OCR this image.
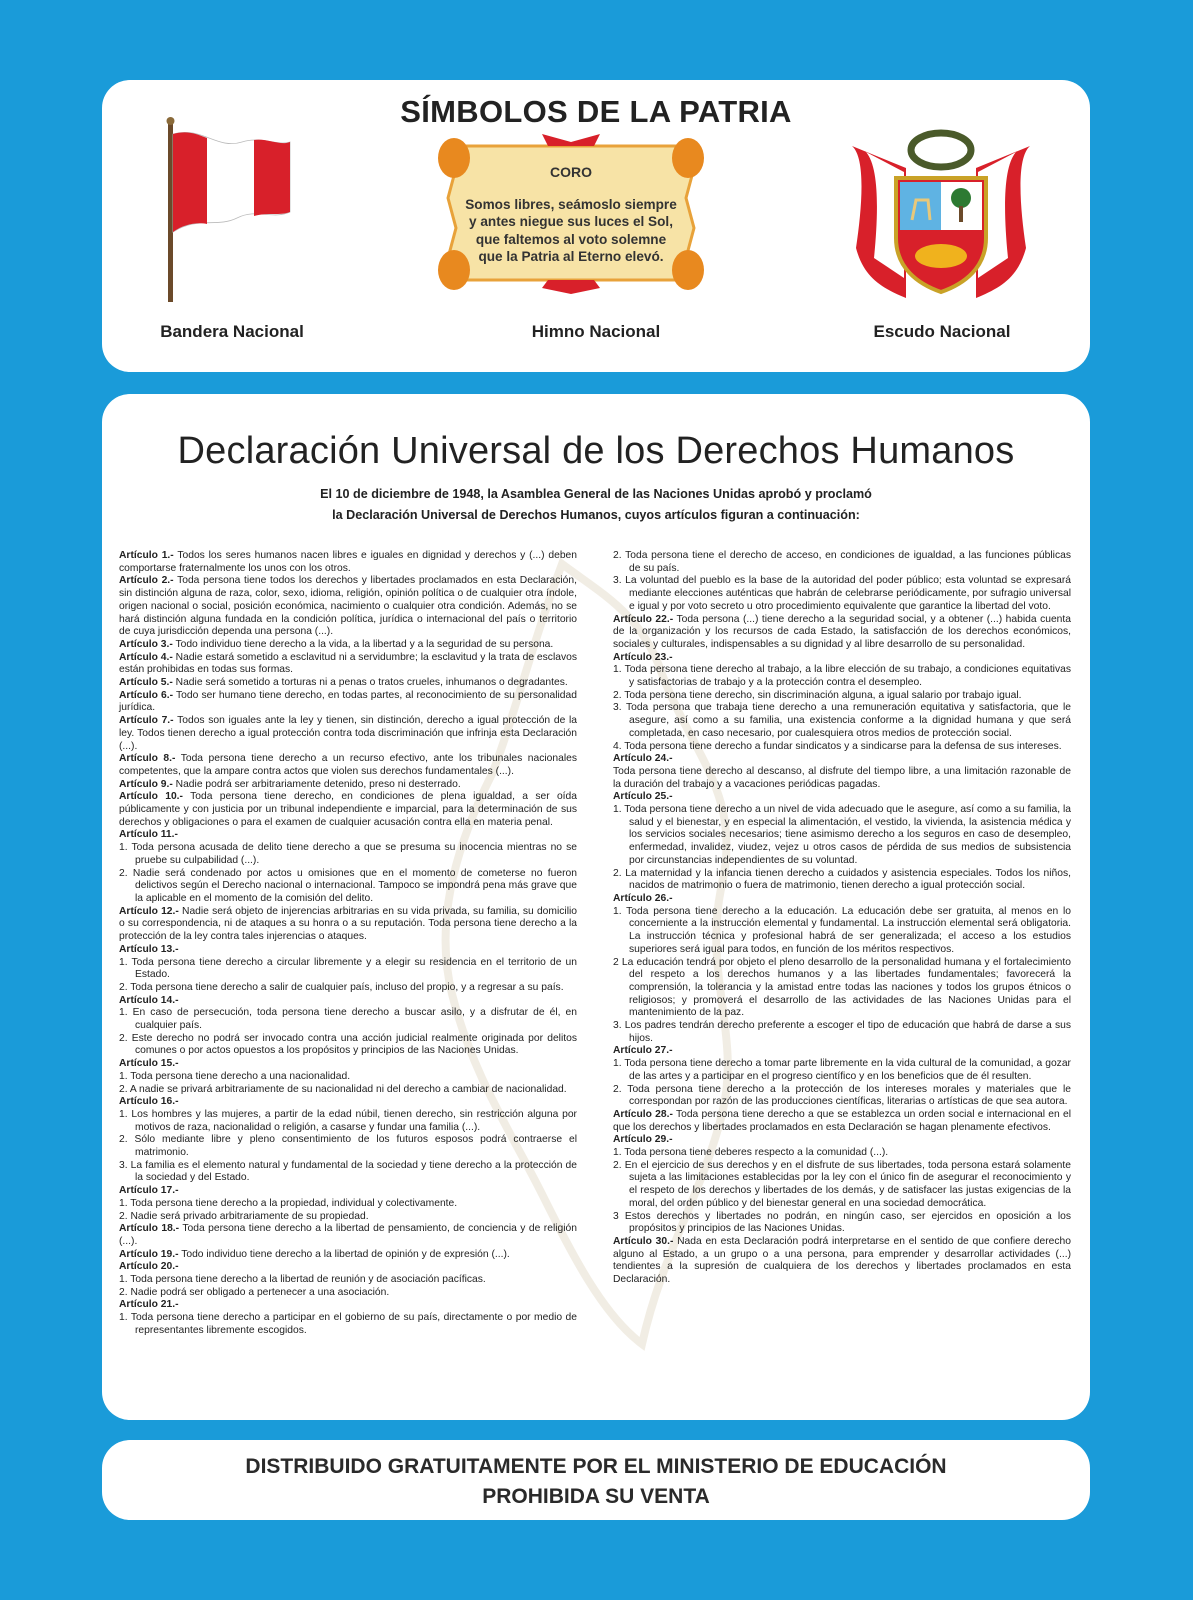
SÍMBOLOS DE LA PATRIA
CORO
Somos libres, seámoslo siempre
y antes niegue sus luces el Sol,
que faltemos al voto solemne
que la Patria al Eterno elevó.
Bandera Nacional	Himno Nacional	Escudo Nacional
Declaración Universal de los Derechos Humanos
El 10 de diciembre de 1948, la Asamblea General de las Naciones Unidas aprobó y proclamó
la Declaración Universal de Derechos Humanos, cuyos artículos figuran a continuación:

Artículo 1.- Todos los seres humanos nacen libres e iguales en dignidad y derechos y (...) deben comportarse fraternalmente los unos con los otros.

Artículo 2.- Toda persona tiene todos los derechos y libertades proclamados en esta Declaración, sin distinción alguna de raza, color, sexo, idioma, religión, opinión política o de cualquier otra índole, origen nacional o social, posición económica, nacimiento o cualquier otra condición. Además, no se hará distinción alguna fundada en la condición política, jurídica o internacional del país o territorio de cuya jurisdicción dependa una persona (...).

Artículo 3.- Todo individuo tiene derecho a la vida, a la libertad y a la seguridad de su persona.

Artículo 4.- Nadie estará sometido a esclavitud ni a servidumbre; la esclavitud y la trata de esclavos están prohibidas en todas sus formas.

Artículo 5.- Nadie será sometido a torturas ni a penas o tratos crueles, inhumanos o degradantes.

Artículo 6.- Todo ser humano tiene derecho, en todas partes, al reconocimiento de su personalidad jurídica.

Artículo 7.- Todos son iguales ante la ley y tienen, sin distinción, derecho a igual protección de la ley. Todos tienen derecho a igual protección contra toda discriminación que infrinja esta Declaración (...).

Artículo 8.- Toda persona tiene derecho a un recurso efectivo, ante los tribunales nacionales competentes, que la ampare contra actos que violen sus derechos fundamentales (...).

Artículo 9.- Nadie podrá ser arbitrariamente detenido, preso ni desterrado.

Artículo 10.- Toda persona tiene derecho, en condiciones de plena igualdad, a ser oída públicamente y con justicia por un tribunal independiente e imparcial, para la determinación de sus derechos y obligaciones o para el examen de cualquier acusación contra ella en materia penal.

Artículo 11.-

1. Toda persona acusada de delito tiene derecho a que se presuma su inocencia mientras no se pruebe su culpabilidad (...).

2. Nadie será condenado por actos u omisiones que en el momento de cometerse no fueron delictivos según el Derecho nacional o internacional. Tampoco se impondrá pena más grave que la aplicable en el momento de la comisión del delito.

Artículo 12.- Nadie será objeto de injerencias arbitrarias en su vida privada, su familia, su domicilio o su correspondencia, ni de ataques a su honra o a su reputación. Toda persona tiene derecho a la protección de la ley contra tales injerencias o ataques.

Artículo 13.-

1. Toda persona tiene derecho a circular libremente y a elegir su residencia en el territorio de un Estado.

2. Toda persona tiene derecho a salir de cualquier país, incluso del propio, y a regresar a su país.

Artículo 14.-

1. En caso de persecución, toda persona tiene derecho a buscar asilo, y a disfrutar de él, en cualquier país.

2. Este derecho no podrá ser invocado contra una acción judicial realmente originada por delitos comunes o por actos opuestos a los propósitos y principios de las Naciones Unidas.

Artículo 15.-

1. Toda persona tiene derecho a una nacionalidad.

2. A nadie se privará arbitrariamente de su nacionalidad ni del derecho a cambiar de nacionalidad.

Artículo 16.-

1. Los hombres y las mujeres, a partir de la edad núbil, tienen derecho, sin restricción alguna por motivos de raza, nacionalidad o religión, a casarse y fundar una familia (...).

2. Sólo mediante libre y pleno consentimiento de los futuros esposos podrá contraerse el matrimonio.

3. La familia es el elemento natural y fundamental de la sociedad y tiene derecho a la protección de la sociedad y del Estado.

Artículo 17.-

1. Toda persona tiene derecho a la propiedad, individual y colectivamente.

2. Nadie será privado arbitrariamente de su propiedad.

Artículo 18.- Toda persona tiene derecho a la libertad de pensamiento, de conciencia y de religión (...).

Artículo 19.- Todo individuo tiene derecho a la libertad de opinión y de expresión (...).

Artículo 20.-

1. Toda persona tiene derecho a la libertad de reunión y de asociación pacíficas.

2. Nadie podrá ser obligado a pertenecer a una asociación.

Artículo 21.-

1. Toda persona tiene derecho a participar en el gobierno de su país, directamente o por medio de representantes libremente escogidos.

2. Toda persona tiene el derecho de acceso, en condiciones de igualdad, a las funciones públicas de su país.

3. La voluntad del pueblo es la base de la autoridad del poder público; esta voluntad se expresará mediante elecciones auténticas que habrán de celebrarse periódicamente, por sufragio universal e igual y por voto secreto u otro procedimiento equivalente que garantice la libertad del voto.

Artículo 22.- Toda persona (...) tiene derecho a la seguridad social, y a obtener (...) habida cuenta de la organización y los recursos de cada Estado, la satisfacción de los derechos económicos, sociales y culturales, indispensables a su dignidad y al libre desarrollo de su personalidad.

Artículo 23.-

1. Toda persona tiene derecho al trabajo, a la libre elección de su trabajo, a condiciones equitativas y satisfactorias de trabajo y a la protección contra el desempleo.

2. Toda persona tiene derecho, sin discriminación alguna, a igual salario por trabajo igual.

3. Toda persona que trabaja tiene derecho a una remuneración equitativa y satisfactoria, que le asegure, así como a su familia, una existencia conforme a la dignidad humana y que será completada, en caso necesario, por cualesquiera otros medios de protección social.

4. Toda persona tiene derecho a fundar sindicatos y a sindicarse para la defensa de sus intereses.

Artículo 24.-

Toda persona tiene derecho al descanso, al disfrute del tiempo libre, a una limitación razonable de la duración del trabajo y a vacaciones periódicas pagadas.

Artículo 25.-

1. Toda persona tiene derecho a un nivel de vida adecuado que le asegure, así como a su familia, la salud y el bienestar, y en especial la alimentación, el vestido, la vivienda, la asistencia médica y los servicios sociales necesarios; tiene asimismo derecho a los seguros en caso de desempleo, enfermedad, invalidez, viudez, vejez u otros casos de pérdida de sus medios de subsistencia por circunstancias independientes de su voluntad.

2. La maternidad y la infancia tienen derecho a cuidados y asistencia especiales. Todos los niños, nacidos de matrimonio o fuera de matrimonio, tienen derecho a igual protección social.

Artículo 26.-

1. Toda persona tiene derecho a la educación. La educación debe ser gratuita, al menos en lo concerniente a la instrucción elemental y fundamental. La instrucción elemental será obligatoria. La instrucción técnica y profesional habrá de ser generalizada; el acceso a los estudios superiores será igual para todos, en función de los méritos respectivos.

2 La educación tendrá por objeto el pleno desarrollo de la personalidad humana y el fortalecimiento del respeto a los derechos humanos y a las libertades fundamentales; favorecerá la comprensión, la tolerancia y la amistad entre todas las naciones y todos los grupos étnicos o religiosos; y promoverá el desarrollo de las actividades de las Naciones Unidas para el mantenimiento de la paz.

3. Los padres tendrán derecho preferente a escoger el tipo de educación que habrá de darse a sus hijos.

Artículo 27.-

1. Toda persona tiene derecho a tomar parte libremente en la vida cultural de la comunidad, a gozar de las artes y a participar en el progreso científico y en los beneficios que de él resulten.

2. Toda persona tiene derecho a la protección de los intereses morales y materiales que le correspondan por razón de las producciones científicas, literarias o artísticas de que sea autora.

Artículo 28.- Toda persona tiene derecho a que se establezca un orden social e internacional en el que los derechos y libertades proclamados en esta Declaración se hagan plenamente efectivos.

Artículo 29.-

1. Toda persona tiene deberes respecto a la comunidad (...).

2. En el ejercicio de sus derechos y en el disfrute de sus libertades, toda persona estará solamente sujeta a las limitaciones establecidas por la ley con el único fin de asegurar el reconocimiento y el respeto de los derechos y libertades de los demás, y de satisfacer las justas exigencias de la moral, del orden público y del bienestar general en una sociedad democrática.

3 Estos derechos y libertades no podrán, en ningún caso, ser ejercidos en oposición a los propósitos y principios de las Naciones Unidas.

Artículo 30.- Nada en esta Declaración podrá interpretarse en el sentido de que confiere derecho alguno al Estado, a un grupo o a una persona, para emprender y desarrollar actividades (...) tendientes a la supresión de cualquiera de los derechos y libertades proclamados en esta Declaración.

DISTRIBUIDO GRATUITAMENTE POR EL MINISTERIO DE EDUCACIÓN
PROHIBIDA SU VENTA
